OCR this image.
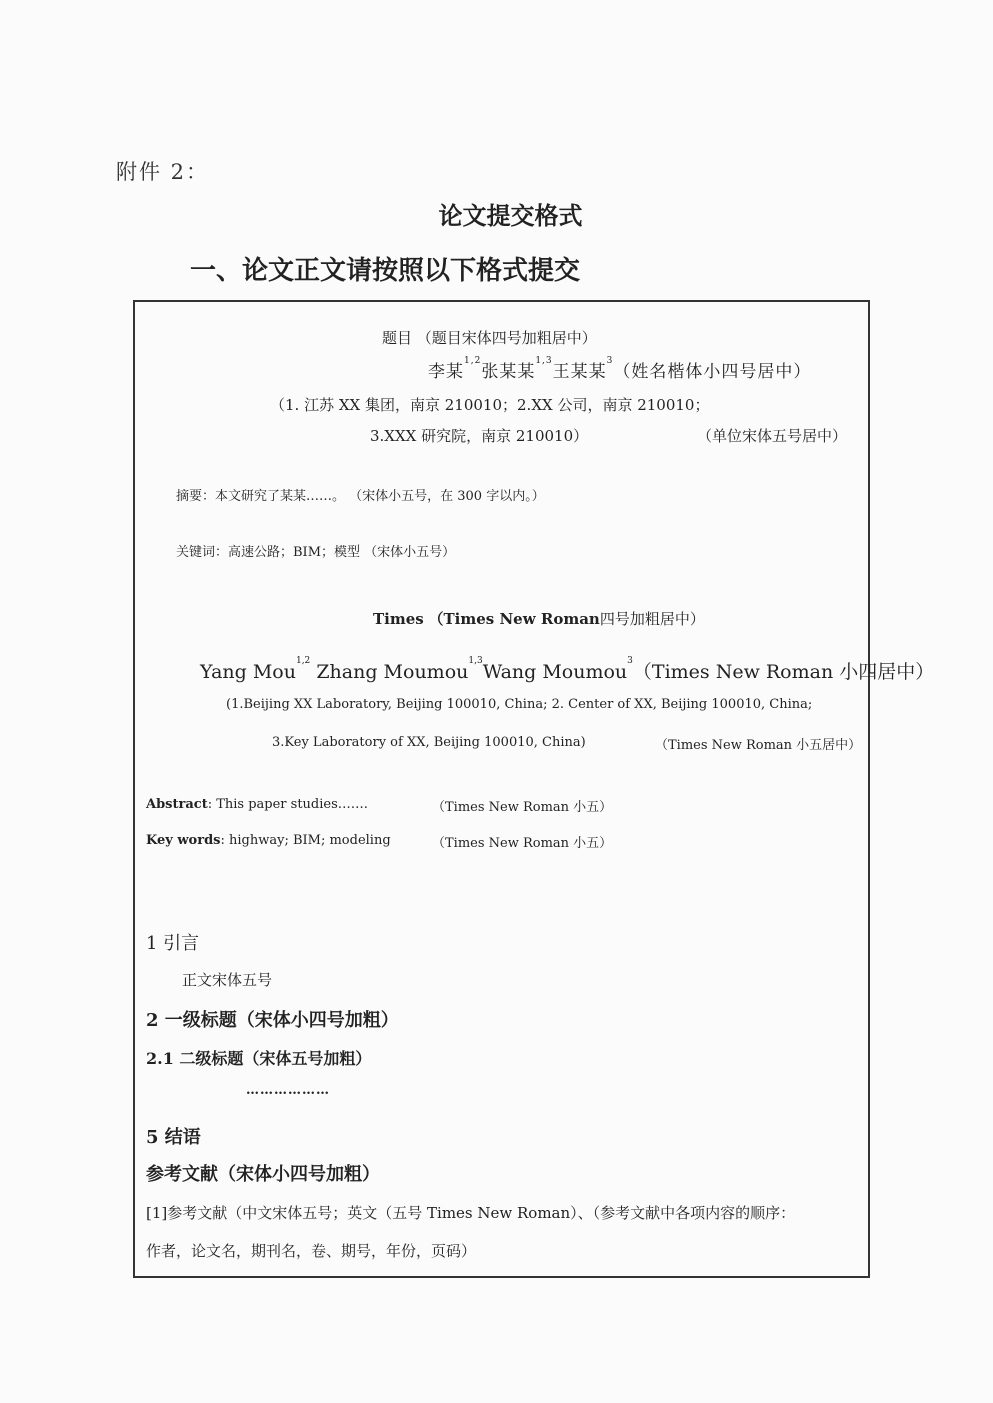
附件 2：
论文提交格式
一、论文正文请按照以下格式提交
题目 （题目宋体四号加粗居中）
李某$^{1,2}$张某某$^{1,3}$王某某$^3$（姓名楷体小四号居中）
（1. 江苏 XX 集团，南京 210010；2.XX 公司，南京 210010；
3.XXX 研究院，南京 210010）	（单位宋体五号居中）
摘要：本文研究了某某……。 （宋体小五号，在 300 字以内。）
关键词：高速公路；BIM；模型 （宋体小五号）
Times （Times New Roman四号加粗居中）
Yang Mou$^{1,2}$ Zhang Moumou$^{1,3}$Wang Moumou$^3$（Times New Roman 小四居中）
(1.Beijing XX Laboratory, Beijing 100010, China; 2. Center of XX, Beijing 100010, China;
3.Key Laboratory of XX, Beijing 100010, China)	（Times New Roman 小五居中）
Abstract: This paper studies…….	（Times New Roman 小五）
Key words: highway; BIM; modeling	（Times New Roman 小五）
1 引言
正文宋体五号
2 一级标题（宋体小四号加粗）
2.1 二级标题（宋体五号加粗）
………………
5 结语
参考文献（宋体小四号加粗）
[1]参考文献（中文宋体五号；英文（五号 Times New Roman）、（参考文献中各项内容的顺序：
作者，论文名，期刊名，卷、期号，年份，页码）
